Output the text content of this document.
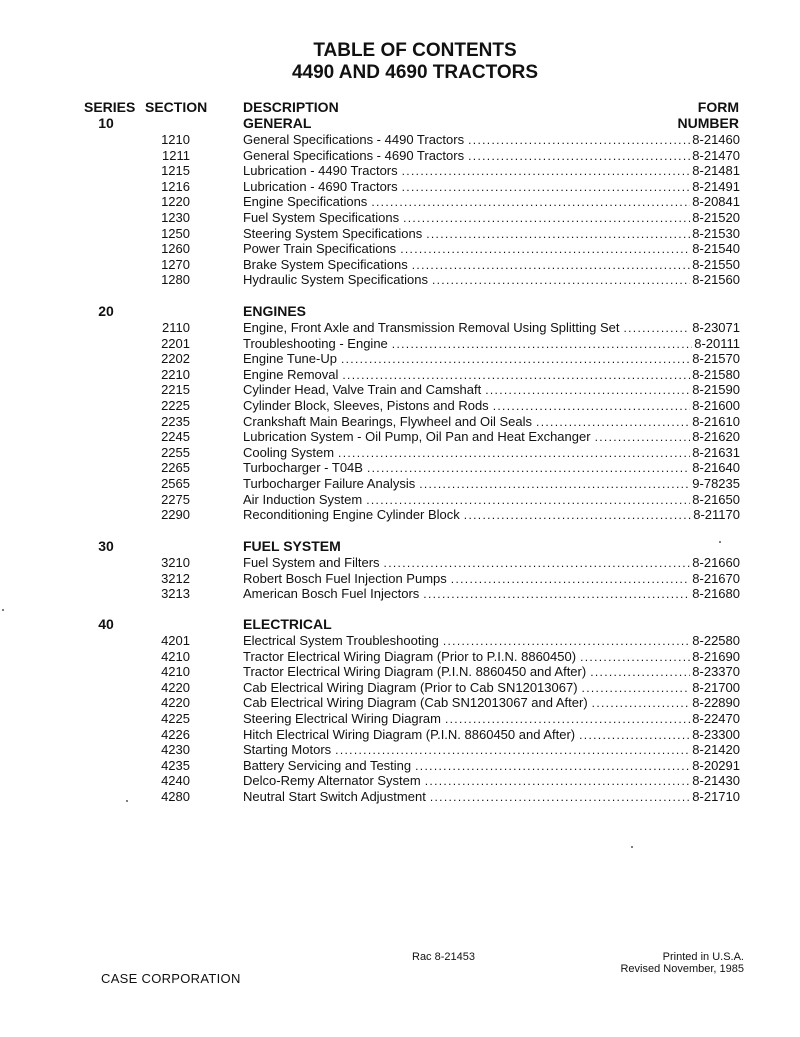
TABLE OF CONTENTS
4490 AND 4690 TRACTORS
SERIES SECTION	DESCRIPTION	FORM
NUMBER
10	GENERAL
1210	General Specifications - 4490 Tractors . . .	8-21460
1211	General Specifications - 4690 Tractors . . .	8-21470
1215	Lubrication - 4490 Tractors . . .	8-21481
1216	Lubrication - 4690 Tractors . . .	8-21491
1220	Engine Specifications . . .	8-20841
1230	Fuel System Specifications . . .	8-21520
1250	Steering System Specifications . . .	8-21530
1260	Power Train Specifications . . .	8-21540
1270	Brake System Specifications . . .	8-21550
1280	Hydraulic System Specifications . . .	8-21560
20	ENGINES
2110	Engine, Front Axle and Transmission Removal Using Splitting Set . . .	8-23071
2201	Troubleshooting - Engine . . .	8-20111
2202	Engine Tune-Up . . .	8-21570
2210	Engine Removal . . .	8-21580
2215	Cylinder Head, Valve Train and Camshaft . . .	8-21590
2225	Cylinder Block, Sleeves, Pistons and Rods . . .	8-21600
2235	Crankshaft Main Bearings, Flywheel and Oil Seals . . .	8-21610
2245	Lubrication System - Oil Pump, Oil Pan and Heat Exchanger . . .	8-21620
2255	Cooling System . . .	8-21631
2265	Turbocharger - T04B . . .	8-21640
2565	Turbocharger Failure Analysis . . .	9-78235
2275	Air Induction System . . .	8-21650
2290	Reconditioning Engine Cylinder Block . . .	8-21170
30	FUEL SYSTEM
3210	Fuel System and Filters . . .	8-21660
3212	Robert Bosch Fuel Injection Pumps . . .	8-21670
3213	American Bosch Fuel Injectors . . .	8-21680
40	ELECTRICAL
4201	Electrical System Troubleshooting . . .	8-22580
4210	Tractor Electrical Wiring Diagram (Prior to P.I.N. 8860450) . . .	8-21690
4210	Tractor Electrical Wiring Diagram (P.I.N. 8860450 and After) . . .	8-23370
4220	Cab Electrical Wiring Diagram (Prior to Cab SN12013067) . . .	8-21700
4220	Cab Electrical Wiring Diagram (Cab SN12013067 and After) . . .	8-22890
4225	Steering Electrical Wiring Diagram . . .	8-22470
4226	Hitch Electrical Wiring Diagram (P.I.N. 8860450 and After) . . .	8-23300
4230	Starting Motors . . .	8-21420
4235	Battery Servicing and Testing . . .	8-20291
4240	Delco-Remy Alternator System . . .	8-21430
4280	Neutral Start Switch Adjustment . . .	8-21710
Rac 8-21453	Printed in U.S.A.
Revised November, 1985
CASE CORPORATION
